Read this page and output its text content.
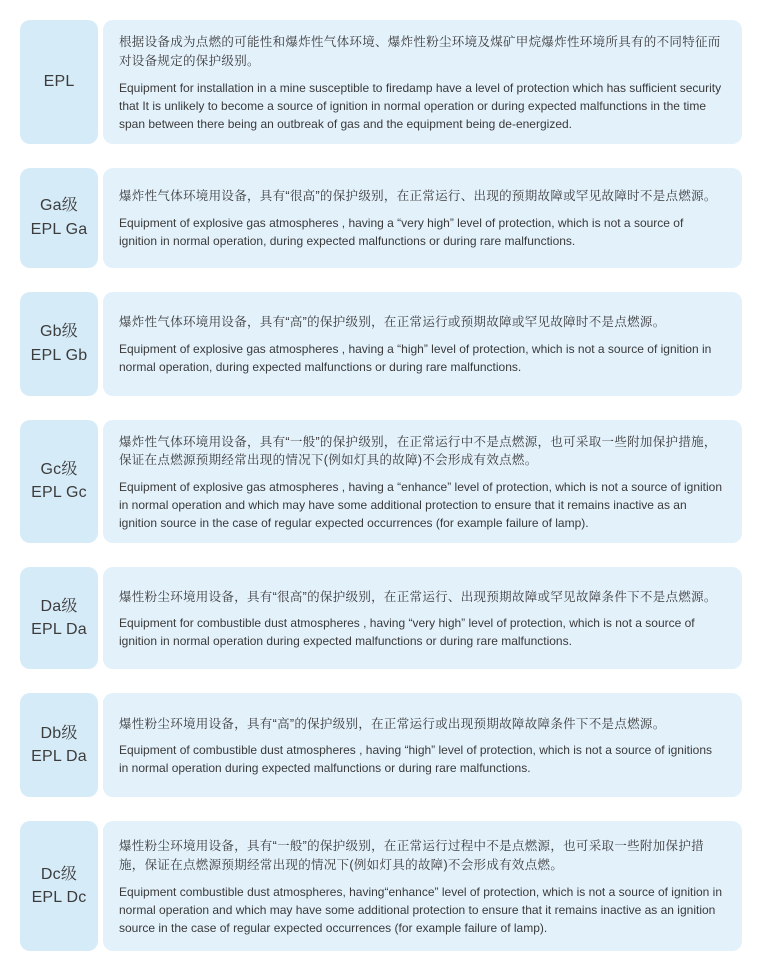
EPL

根据设备成为点燃的可能性和爆炸性气体环境、爆炸性粉尘环境及煤矿甲烷爆炸性环境所具有的不同特征而对设备规定的保护级别。

Equipment for installation in a mine susceptible to firedamp have a level of protection which has sufficient security that It is unlikely to become a source of ignition in normal operation or during expected malfunctions in the time span between there being an outbreak of gas and the equipment being de-energized.

Ga级
EPL Ga

爆炸性气体环境用设备，具有“很高”的保护级别，在正常运行、出现的预期故障或罕见故障时不是点燃源。

Equipment of explosive gas atmospheres , having a “very high” level of protection, which is not a source of ignition in normal operation, during expected malfunctions or during rare malfunctions.

Gb级
EPL Gb

爆炸性气体环境用设备，具有“高”的保护级别，在正常运行或预期故障或罕见故障时不是点燃源。

Equipment of explosive gas atmospheres , having a “high” level of protection, which is not a source of ignition in normal operation, during expected malfunctions or during rare malfunctions.

Gc级
EPL Gc

爆炸性气体环境用设备，具有“一般”的保护级别，在正常运行中不是点燃源，也可采取一些附加保护措施，保证在点燃源预期经常出现的情况下(例如灯具的故障)不会形成有效点燃。

Equipment of explosive gas atmospheres , having a “enhance” level of protection, which is not a source of ignition in normal operation and which may have some additional protection to ensure that it remains inactive as an ignition source in the case of regular expected occurrences (for example failure of lamp).

Da级
EPL Da

爆性粉尘环境用设备，具有“很高”的保护级别，在正常运行、出现预期故障或罕见故障条件下不是点燃源。

Equipment for combustible dust atmospheres , having “very high” level of protection, which is not a source of ignition in normal operation during expected malfunctions or during rare malfunctions.

Db级
EPL Da

爆性粉尘环境用设备，具有“高”的保护级别，在正常运行或出现预期故障故障条件下不是点燃源。

Equipment of combustible dust atmospheres , having “high” level of protection, which is not a source of ignitions in normal operation during expected malfunctions or during rare malfunctions.

Dc级
EPL Dc

爆性粉尘环境用设备，具有“一般”的保护级别，在正常运行过程中不是点燃源，也可采取一些附加保护措施，保证在点燃源预期经常出现的情况下(例如灯具的故障)不会形成有效点燃。

Equipment combustible dust atmospheres, having“enhance” level of protection, which is not a source of ignition in normal operation and which may have some additional protection to ensure that it remains inactive as an ignition source in the case of regular expected occurrences (for example failure of lamp).
